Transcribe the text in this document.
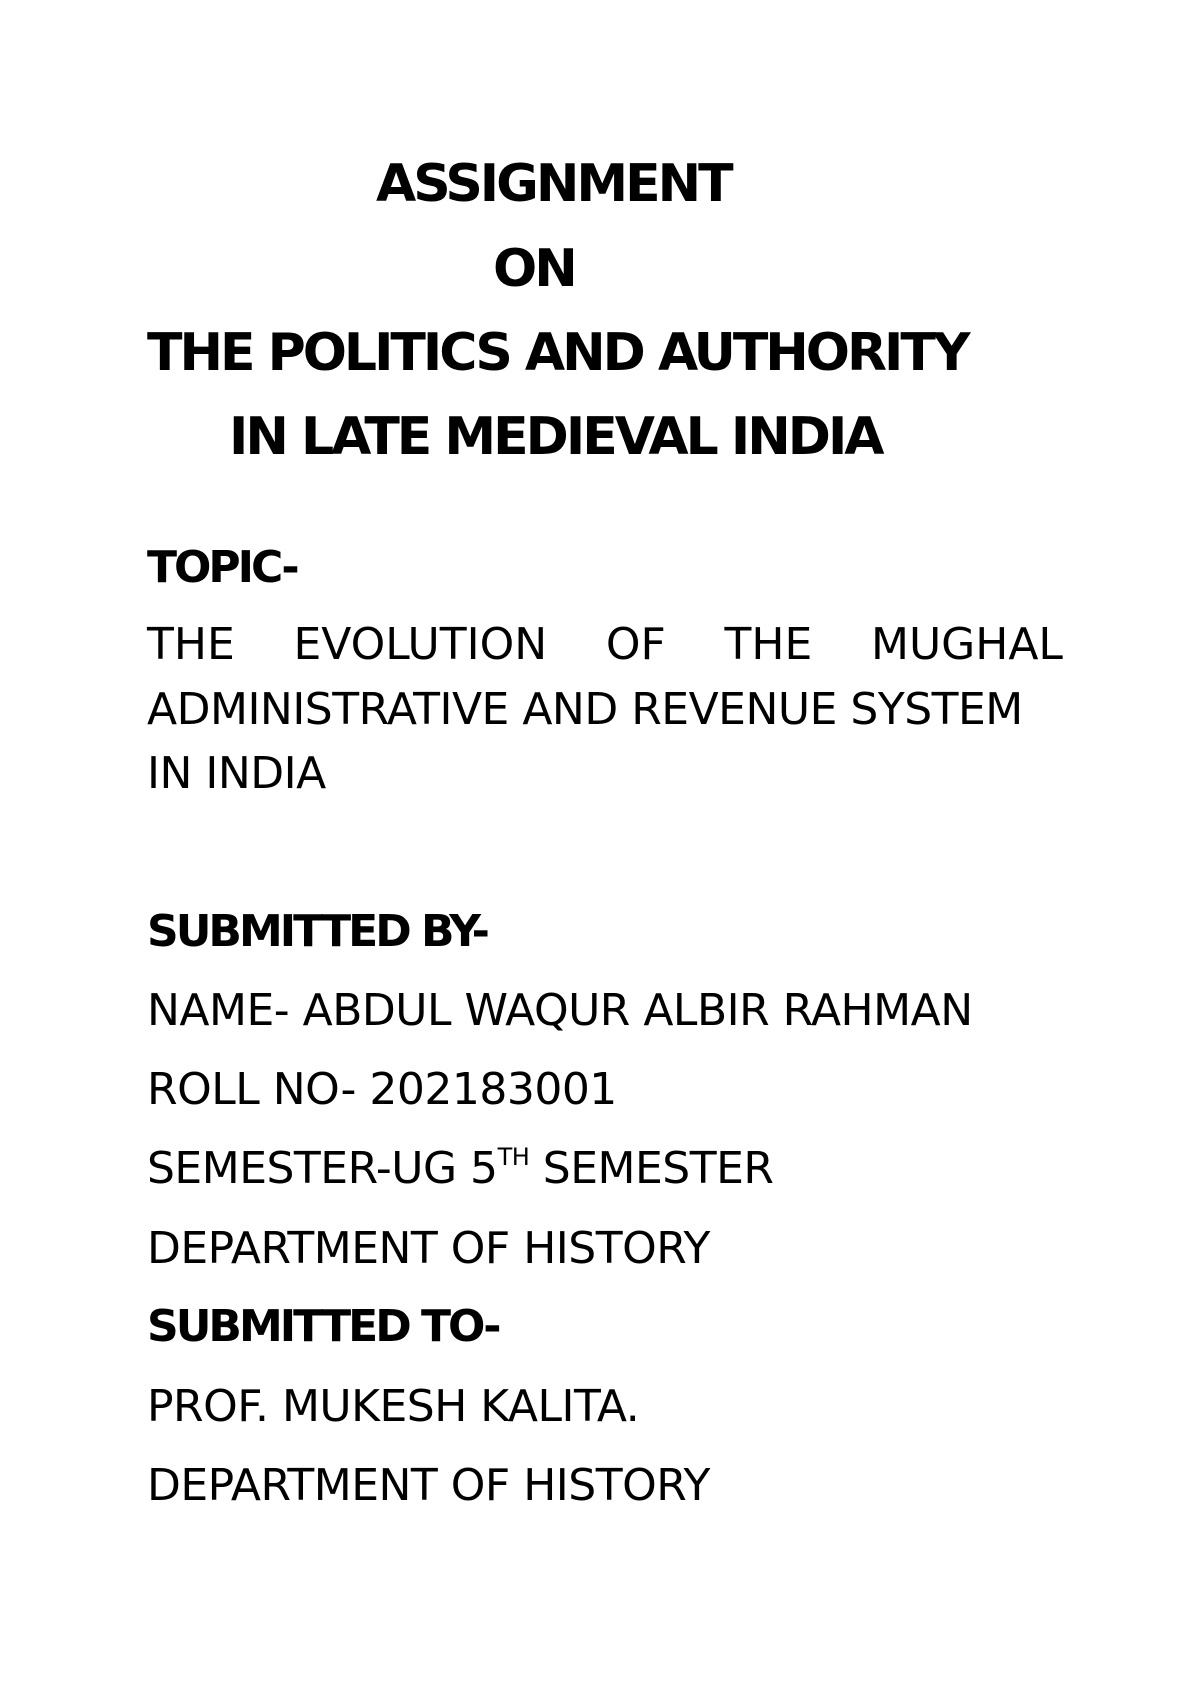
ASSIGNMENT
ON
THE POLITICS AND AUTHORITY
IN LATE MEDIEVAL INDIA
TOPIC-
THE EVOLUTION OF THE MUGHAL
ADMINISTRATIVE AND REVENUE SYSTEM
IN INDIA
SUBMITTED BY-
NAME- ABDUL WAQUR ALBIR RAHMAN
ROLL NO- 202183001
SEMESTER-UG 5TH SEMESTER
DEPARTMENT OF HISTORY
SUBMITTED TO-
PROF. MUKESH KALITA.
DEPARTMENT OF HISTORY
